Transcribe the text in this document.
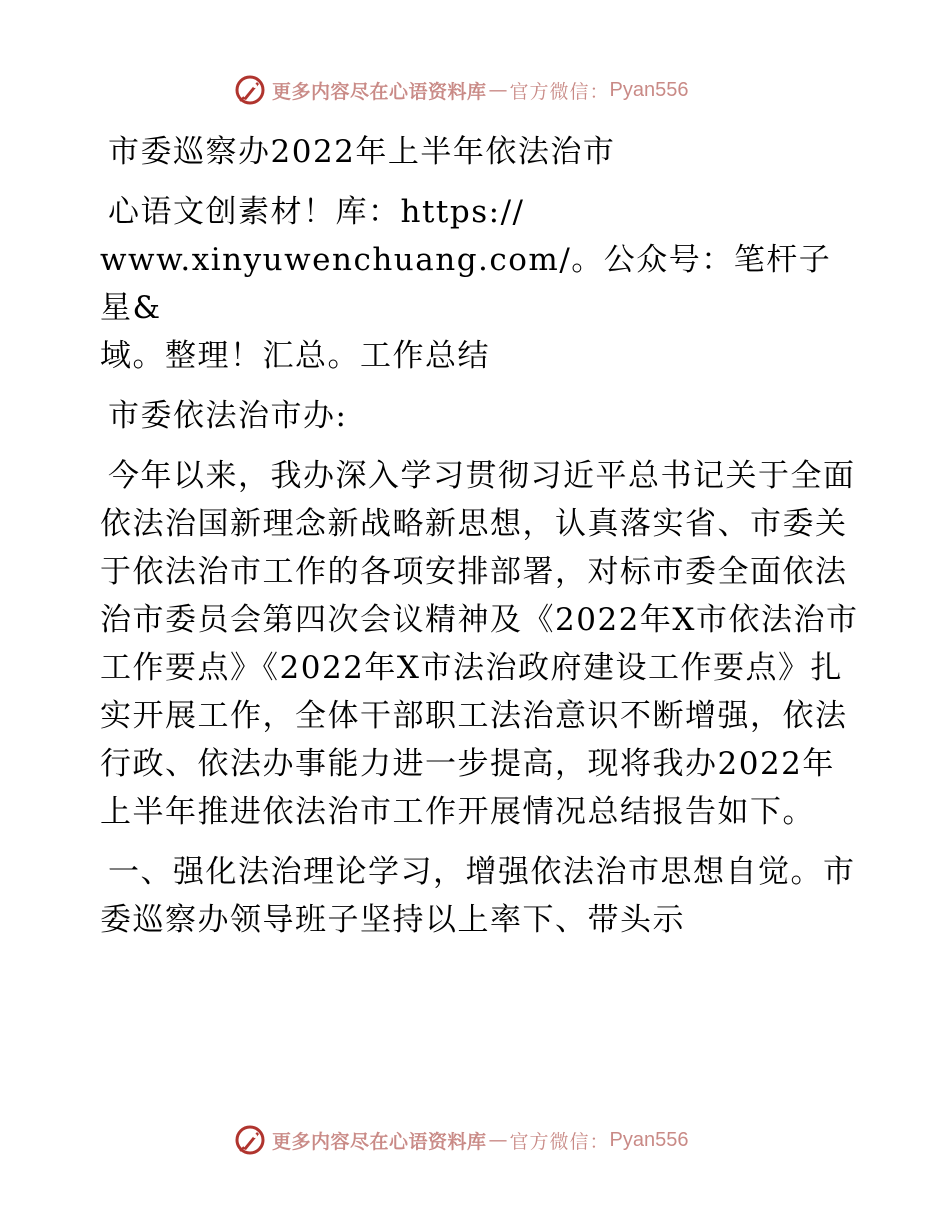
更多内容尽在心语资料库 — 官方微信： Pyan556

市委巡察办2022年上半年依法治市

心语文创素材！库：https://
www.xinyuwenchuang.com/。公众号：笔杆子星&
域。整理！汇总。工作总结

市委依法治市办:

今年以来，我办深入学习贯彻习近平总书记关于全面依法治国新理念新战略新思想，认真落实省、市委关于依法治市工作的各项安排部署，对标市委全面依法治市委员会第四次会议精神及《2022年X市依法治市工作要点》《2022年X市法治政府建设工作要点》扎实开展工作，全体干部职工法治意识不断增强，依法行政、依法办事能力进一步提高，现将我办2022年上半年推进依法治市工作开展情况总结报告如下。

一、强化法治理论学习，增强依法治市思想自觉。市委巡察办领导班子坚持以上率下、带头示

更多内容尽在心语资料库 — 官方微信： Pyan556
